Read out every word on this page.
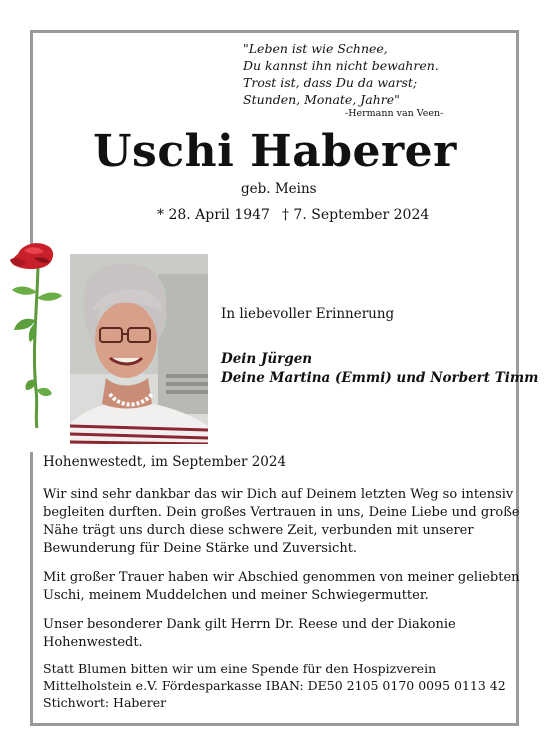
"Leben ist wie Schnee,
Du kannst ihn nicht bewahren.
Trost ist, dass Du da warst;
Stunden, Monate, Jahre"
-Hermann van Veen-
Uschi Haberer
geb. Meins
* 28. April 1947 † 7. September 2024
In liebevoller Erinnerung
Dein Jürgen
Deine Martina (Emmi) und Norbert Timm
Hohenwestedt, im September 2024
Wir sind sehr dankbar das wir Dich auf Deinem letzten Weg so intensiv
begleiten durften. Dein großes Vertrauen in uns, Deine Liebe und große
Nähe trägt uns durch diese schwere Zeit, verbunden mit unserer
Bewunderung für Deine Stärke und Zuversicht.
Mit großer Trauer haben wir Abschied genommen von meiner geliebten
Uschi, meinem Muddelchen und meiner Schwiegermutter.
Unser besonderer Dank gilt Herrn Dr. Reese und der Diakonie
Hohenwestedt.
Statt Blumen bitten wir um eine Spende für den Hospizverein
Mittelholstein e.V. Fördesparkasse IBAN: DE50 2105 0170 0095 0113 42
Stichwort: Haberer
